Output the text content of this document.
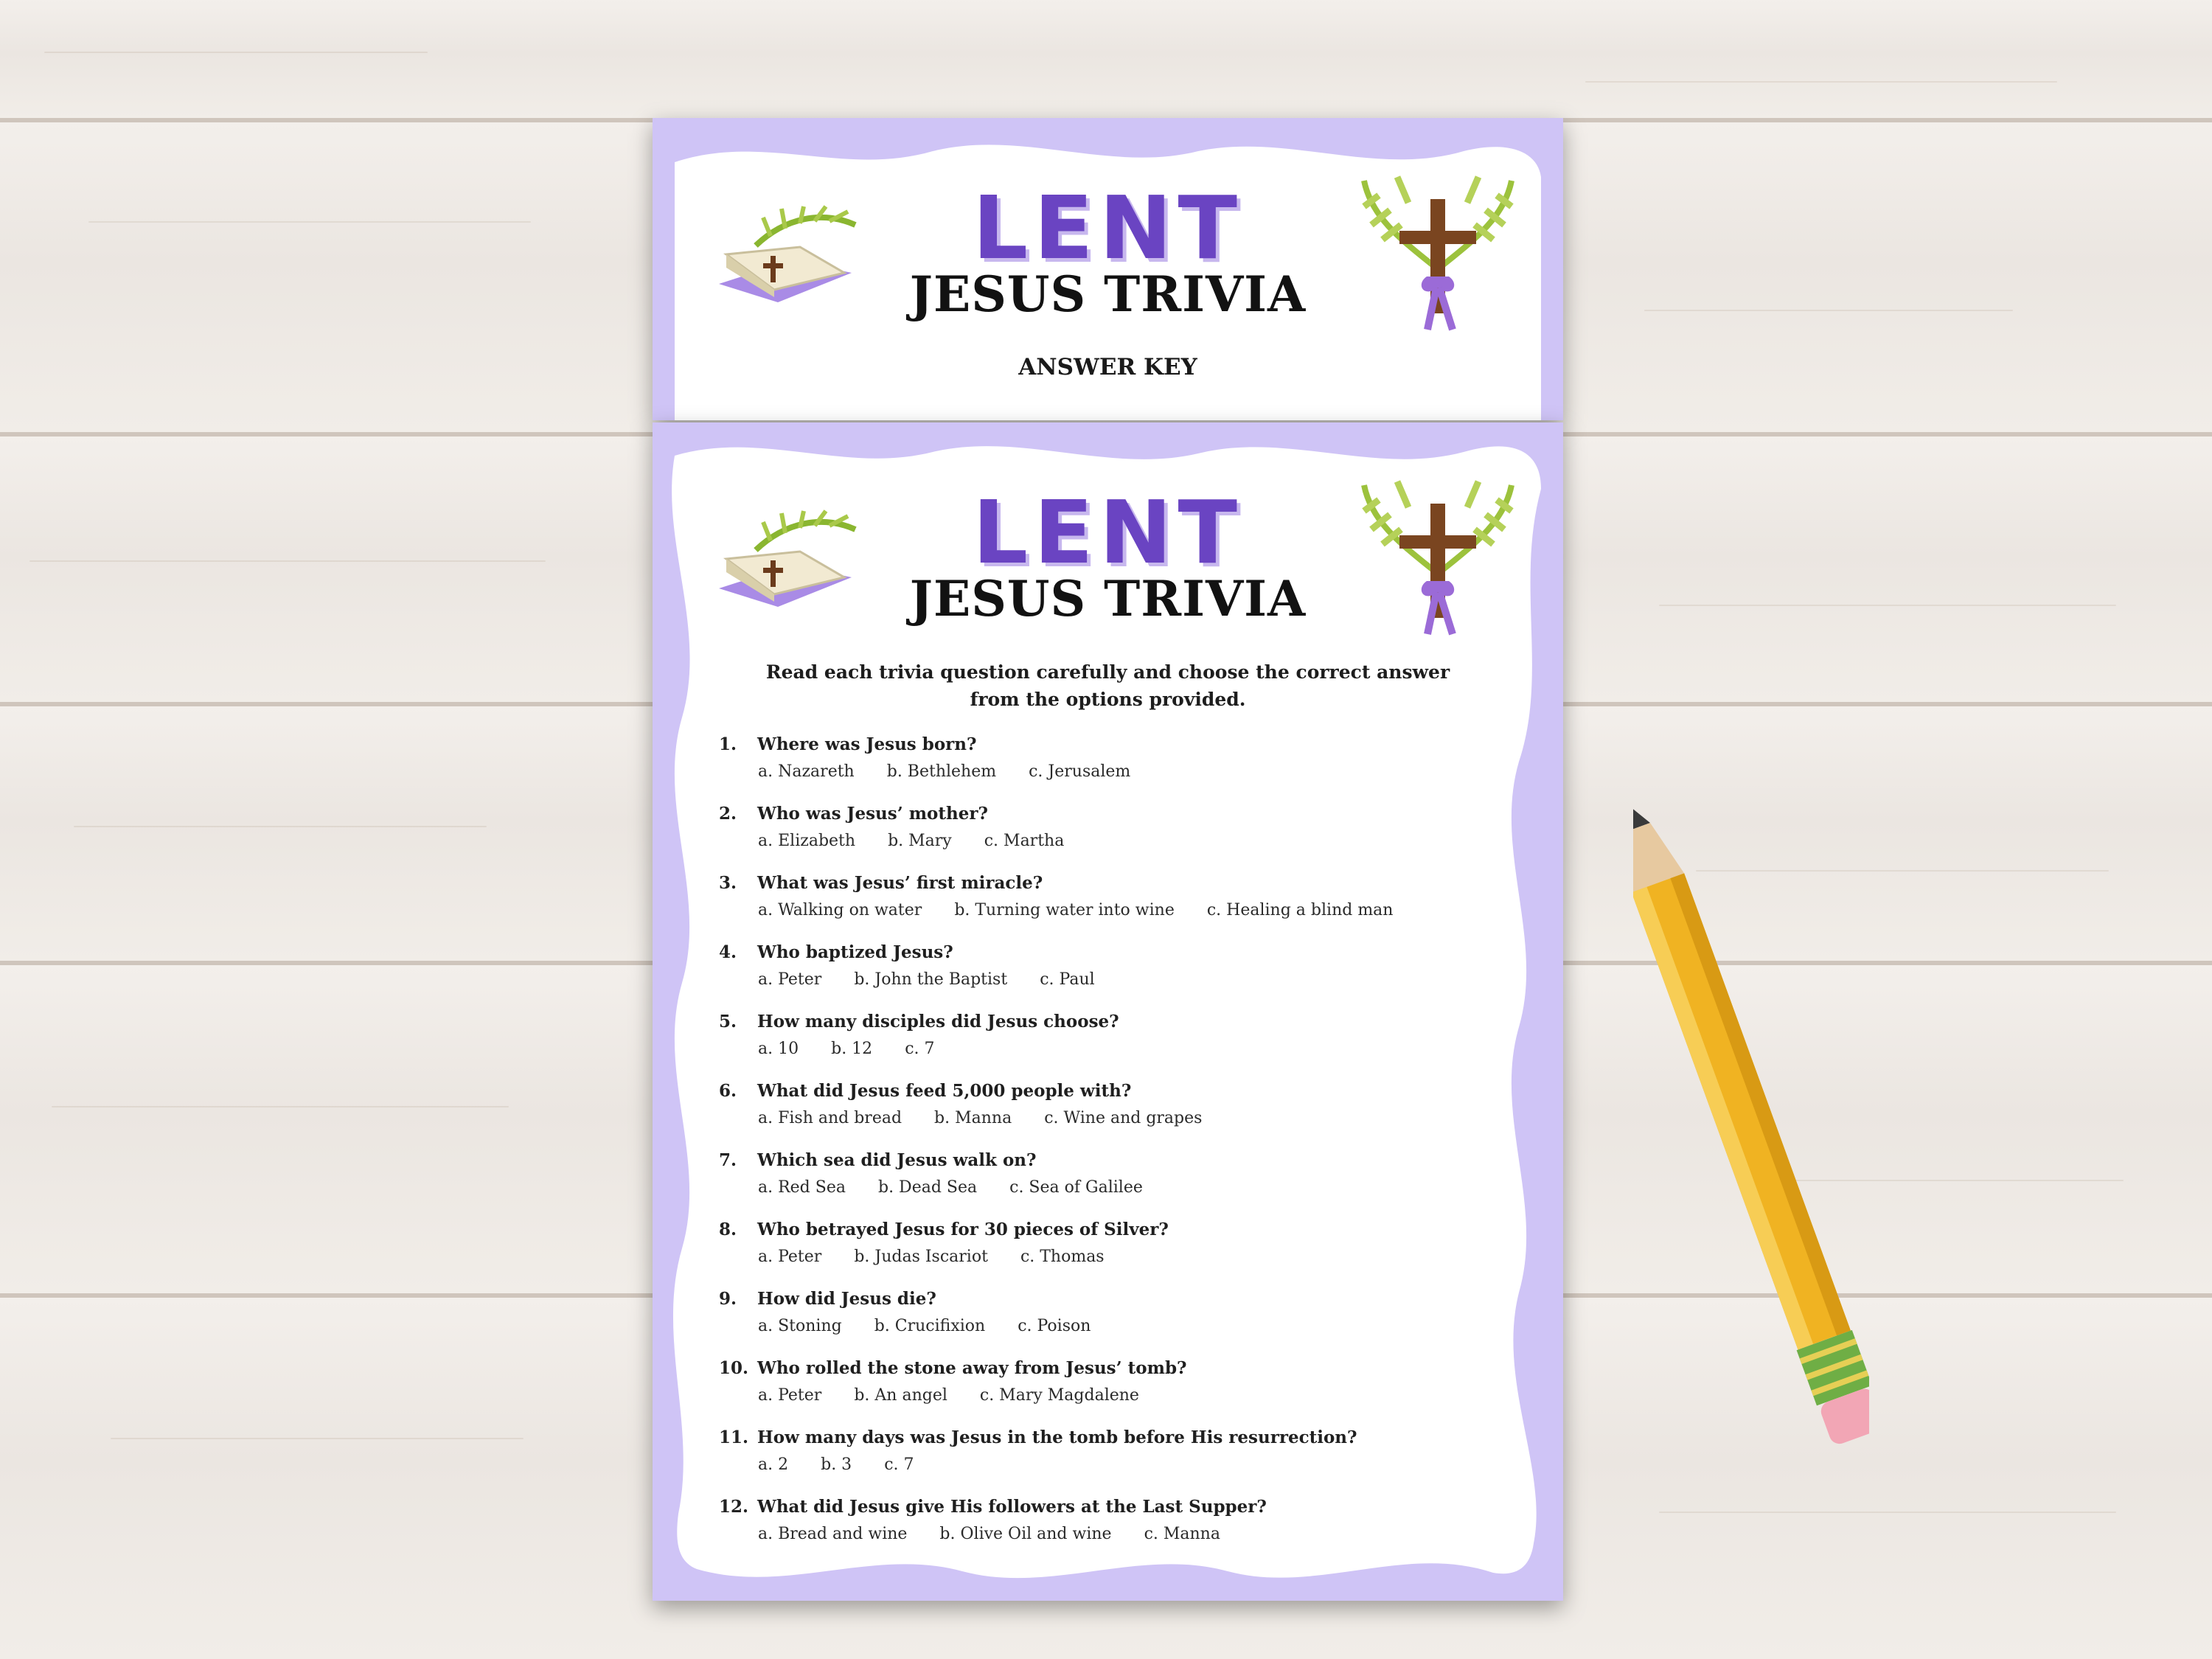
LENT
JESUS TRIVIA
ANSWER KEY
LENT
JESUS TRIVIA
Read each trivia question carefully and choose the correct answer from the options provided.
1. Where was Jesus born?
a. Nazareth b. Bethlehem c. Jerusalem
2. Who was Jesus’ mother?
a. Elizabeth b. Mary c. Martha
3. What was Jesus’ first miracle?
a. Walking on water b. Turning water into wine c. Healing a blind man
4. Who baptized Jesus?
a. Peter b. John the Baptist c. Paul
5. How many disciples did Jesus choose?
a. 10 b. 12 c. 7
6. What did Jesus feed 5,000 people with?
a. Fish and bread b. Manna c. Wine and grapes
7. Which sea did Jesus walk on?
a. Red Sea b. Dead Sea c. Sea of Galilee
8. Who betrayed Jesus for 30 pieces of Silver?
a. Peter b. Judas Iscariot c. Thomas
9. How did Jesus die?
a. Stoning b. Crucifixion c. Poison
10. Who rolled the stone away from Jesus’ tomb?
a. Peter b. An angel c. Mary Magdalene
11. How many days was Jesus in the tomb before His resurrection?
a. 2 b. 3 c. 7
12. What did Jesus give His followers at the Last Supper?
a. Bread and wine b. Olive Oil and wine c. Manna
